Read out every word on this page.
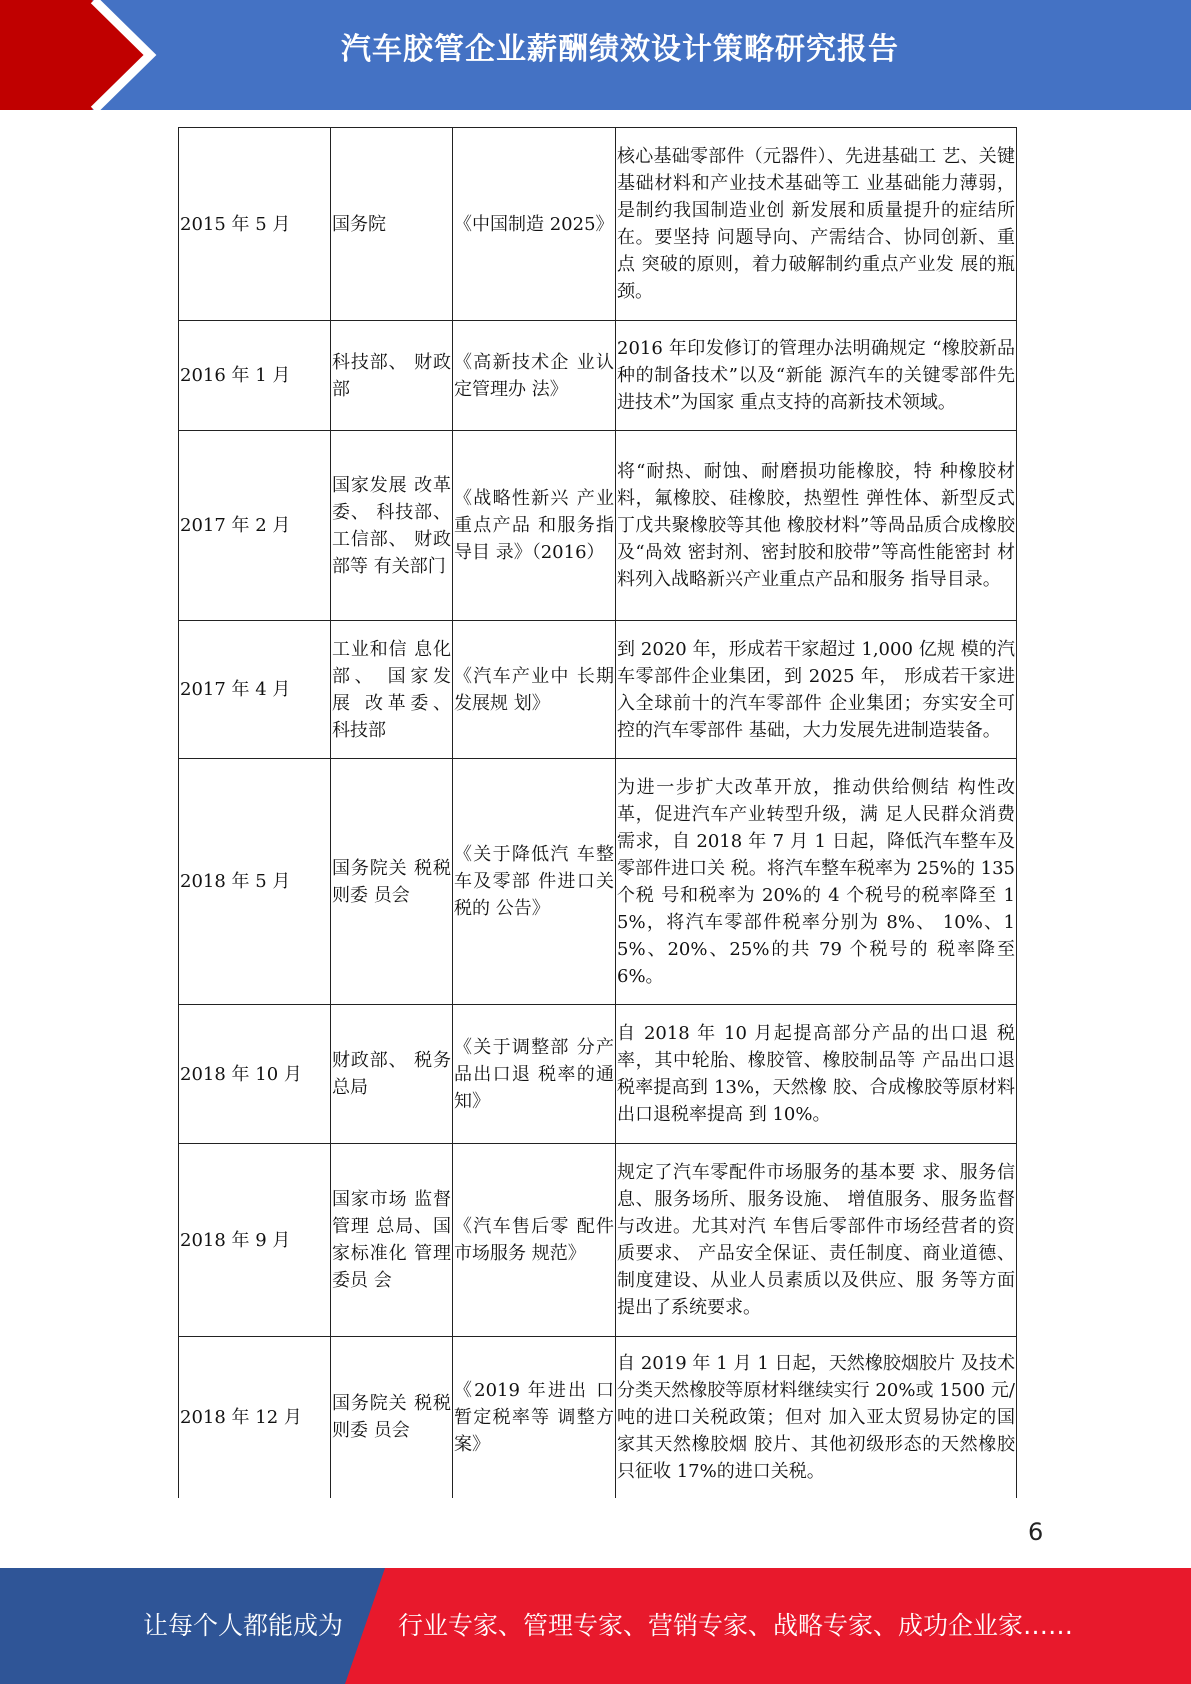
汽车胶管企业薪酬绩效设计策略研究报告
2015 年 5 月	国务院	《中国制造 2025》	核心基础零部件（元器件）、先进基础工 艺、关键基础材料和产业技术基础等工 业基础能力薄弱，是制约我国制造业创 新发展和质量提升的症结所在。要坚持 问题导向、产需结合、协同创新、重点 突破的原则，着力破解制约重点产业发 展的瓶颈。
2016 年 1 月	科技部、 财政部	《高新技术企 业认定管理办 法》	2016 年印发修订的管理办法明确规定 “橡胶新品种的制备技术”以及“新能 源汽车的关键零部件先进技术”为国家 重点支持的高新技术领域。
2017 年 2 月	国家发展 改革委、 科技部、 工信部、 财政部等 有关部门	《战略性新兴 产业重点产品 和服务指导目 录》（2016）	将“耐热、耐蚀、耐磨损功能橡胶，特 种橡胶材料，氟橡胶、硅橡胶，热塑性 弹性体、新型反式丁戊共聚橡胶等其他 橡胶材料”等咼品质合成橡胶及“咼效 密封剂、密封胶和胶带”等高性能密封 材料列入战略新兴产业重点产品和服务 指导目录。
2017 年 4 月	工业和信 息化部、 国家发 展 改革委、 科技部	《汽车产业中 长期发展规 划》	到 2020 年，形成若干家超过 1,000 亿规 模的汽车零部件企业集团，到 2025 年， 形成若干家进入全球前十的汽车零部件 企业集团；夯实安全可控的汽车零部件 基础，大力发展先进制造装备。
2018 年 5 月	国务院关 税税则委 员会	《关于降低汽 车整车及零部 件进口关税的 公告》	为进一步扩大改革开放，推动供给侧结 构性改革，促进汽车产业转型升级，满 足人民群众消费需求，自 2018 年 7 月 1 日起，降低汽车整车及零部件进口关 税。将汽车整车税率为 25%的 135 个税 号和税率为 20%的 4 个税号的税率降至 15%，将汽车零部件税率分别为 8%、 10%、15%、20%、25%的共 79 个税号的 税率降至 6%。
2018 年 10 月	财政部、 税务总局	《关于调整部 分产品出口退 税率的通知》	自 2018 年 10 月起提高部分产品的出口退 税率，其中轮胎、橡胶管、橡胶制品等 产品出口退税率提高到 13%，天然橡 胶、合成橡胶等原材料出口退税率提高 到 10%。
2018 年 9 月	国家市场 监督管理 总局、国 家标准化 管理委员 会	《汽车售后零 配件市场服务 规范》	规定了汽车零配件市场服务的基本要 求、服务信息、服务场所、服务设施、 增值服务、服务监督与改进。尤其对汽 车售后零部件市场经营者的资质要求、 产品安全保证、责任制度、商业道德、 制度建设、从业人员素质以及供应、服 务等方面提出了系统要求。
2018 年 12 月	国务院关 税税则委 员会	《2019 年进出 口暂定税率等 调整方案》	自 2019 年 1 月 1 日起，天然橡胶烟胶片 及技术分类天然橡胶等原材料继续实行 20%或 1500 元/吨的进口关税政策；但对 加入亚太贸易协定的国家其天然橡胶烟 胶片、其他初级形态的天然橡胶只征收 17%的进口关税。
6
让每个人都能成为 行业专家、管理专家、营销专家、战略专家、成功企业家……
